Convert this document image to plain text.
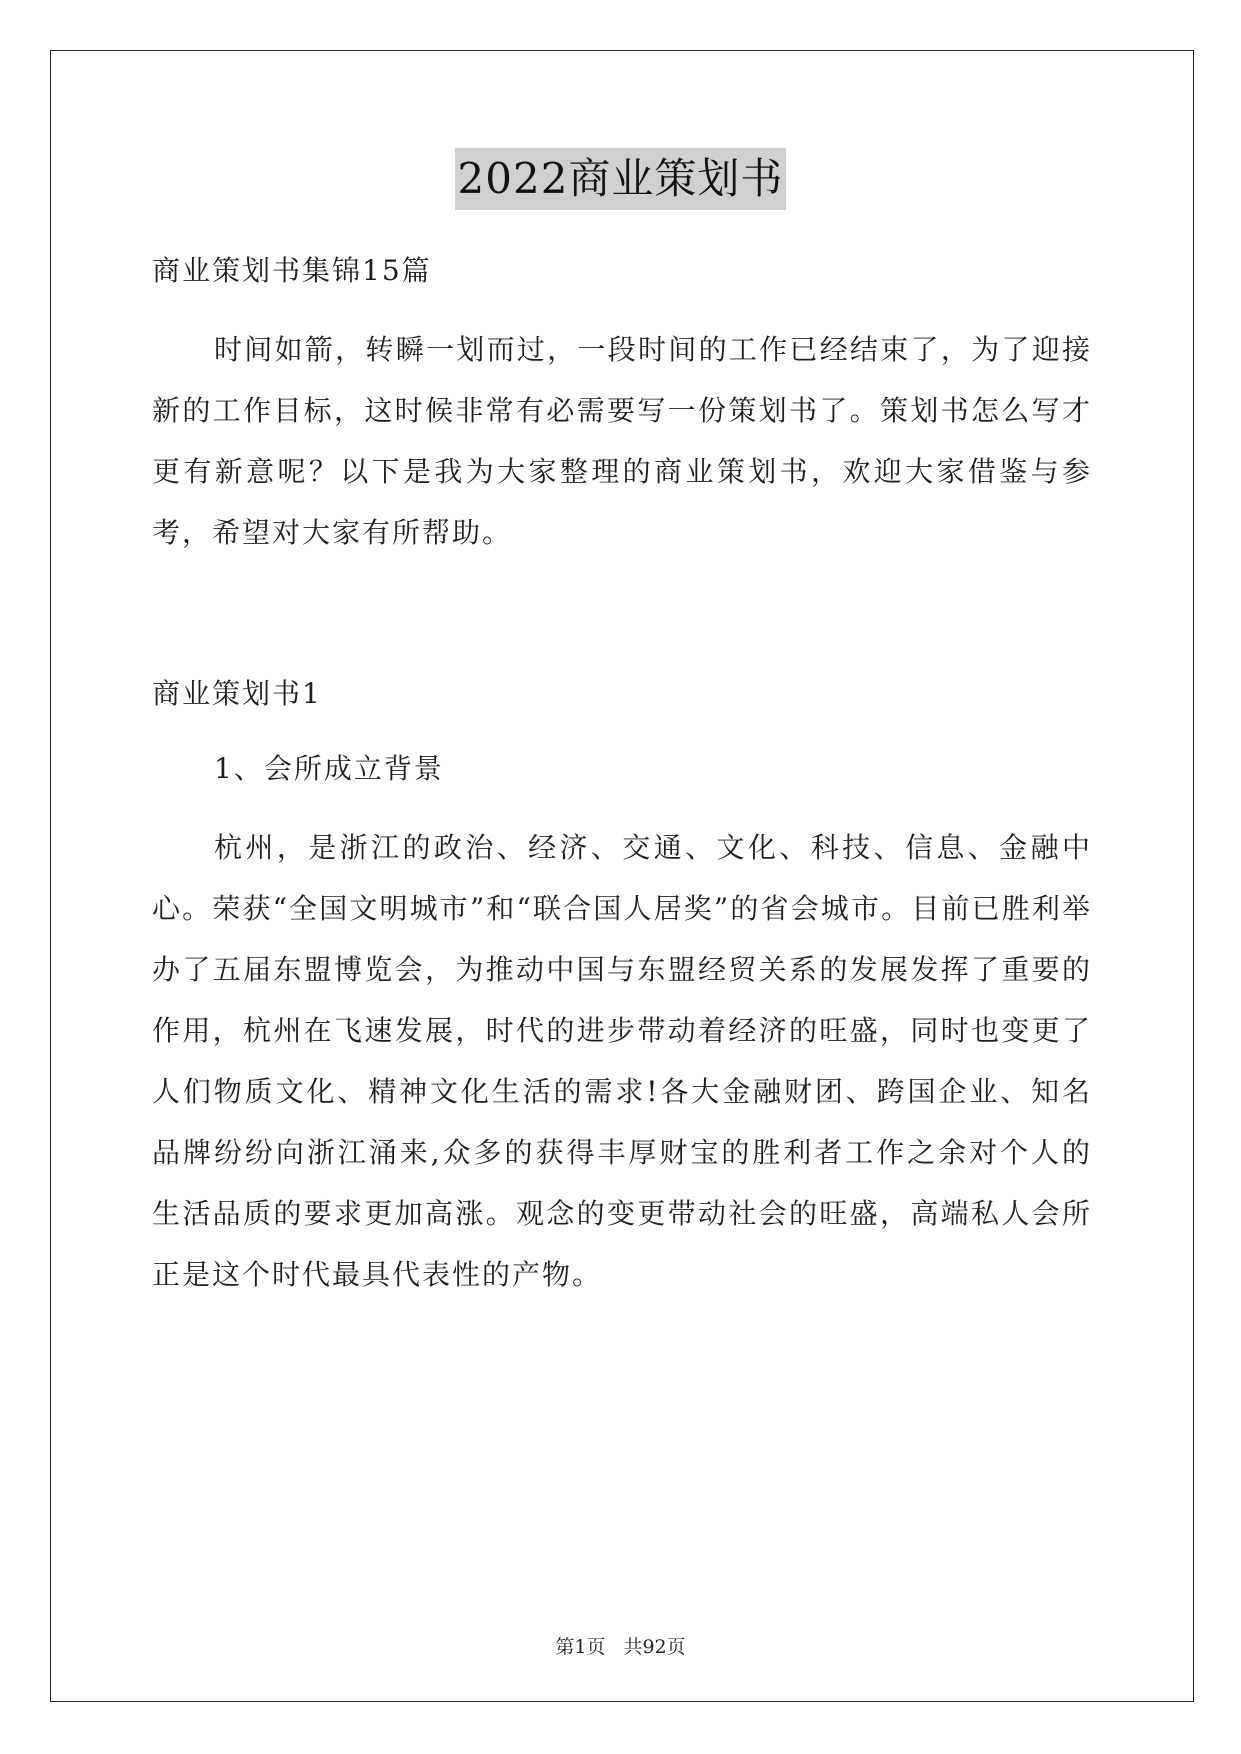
2022商业策划书

商业策划书集锦15篇

时间如箭，转瞬一划而过，一段时间的工作已经结束了，为了迎接新的工作目标，这时候非常有必需要写一份策划书了。策划书怎么写才更有新意呢？以下是我为大家整理的商业策划书，欢迎大家借鉴与参考，希望对大家有所帮助。

商业策划书1

1、会所成立背景

杭州，是浙江的政治、经济、交通、文化、科技、信息、金融中心。荣获“全国文明城市”和“联合国人居奖”的省会城市。目前已胜利举办了五届东盟博览会，为推动中国与东盟经贸关系的发展发挥了重要的作用，杭州在飞速发展，时代的进步带动着经济的旺盛，同时也变更了人们物质文化、精神文化生活的需求!各大金融财团、跨国企业、知名品牌纷纷向浙江涌来,众多的获得丰厚财宝的胜利者工作之余对个人的生活品质的要求更加高涨。观念的变更带动社会的旺盛，高端私人会所正是这个时代最具代表性的产物。

第1页 共92页
